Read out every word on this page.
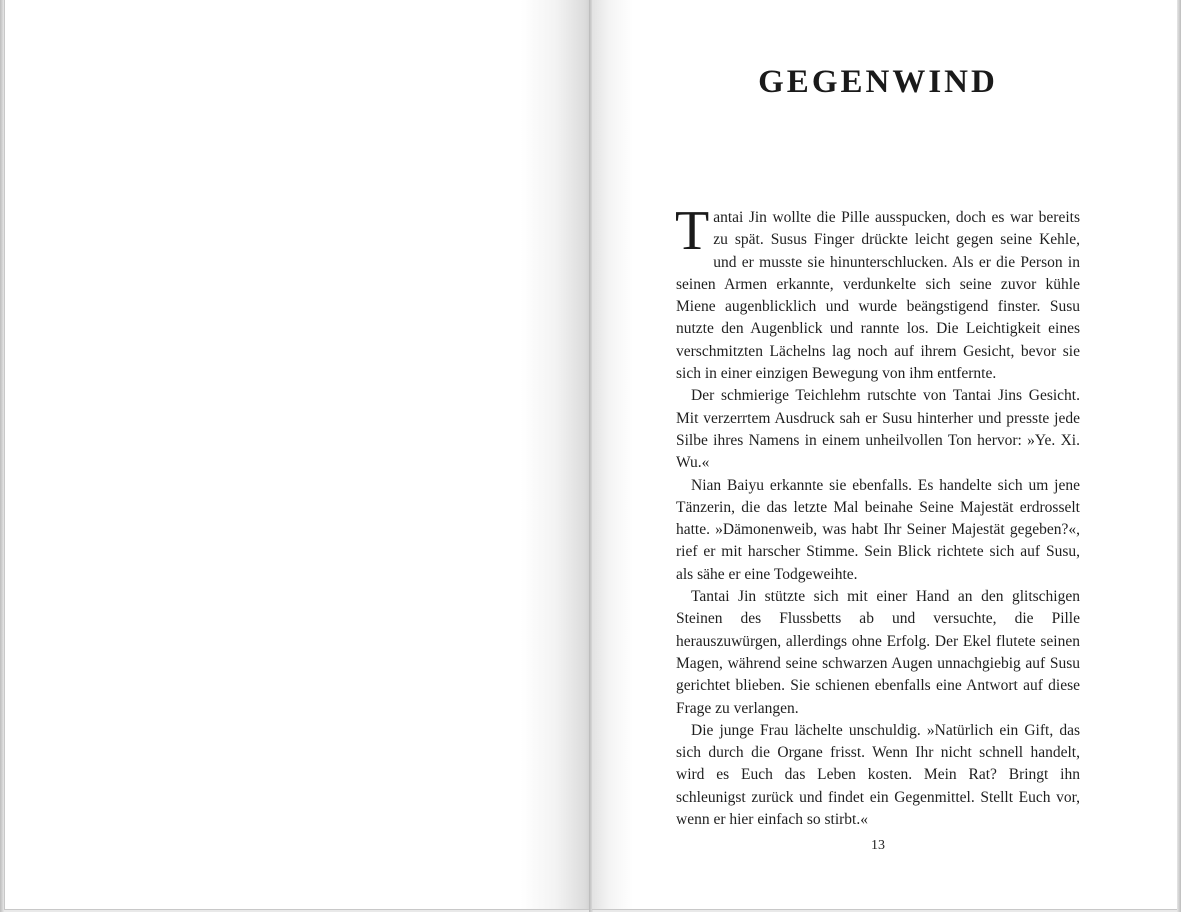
GEGENWIND

Tantai Jin wollte die Pille ausspucken, doch es war bereits zu spät. Susus Finger drückte leicht gegen seine Kehle, und er musste sie hinunterschlucken. Als er die Person in seinen Armen erkannte, verdunkelte sich seine zuvor kühle Miene augenblicklich und wurde beängstigend finster. Susu nutzte den Augenblick und rannte los. Die Leichtigkeit eines verschmitzten Lächelns lag noch auf ihrem Gesicht, bevor sie sich in einer einzigen Bewegung von ihm entfernte.

Der schmierige Teichlehm rutschte von Tantai Jins Gesicht. Mit verzerrtem Ausdruck sah er Susu hinterher und presste jede Silbe ihres Namens in einem unheilvollen Ton hervor: »Ye. Xi. Wu.«

Nian Baiyu erkannte sie ebenfalls. Es handelte sich um jene Tänzerin, die das letzte Mal beinahe Seine Majestät erdrosselt hatte. »Dämonenweib, was habt Ihr Seiner Majestät gegeben?«, rief er mit harscher Stimme. Sein Blick richtete sich auf Susu, als sähe er eine Todgeweihte.

Tantai Jin stützte sich mit einer Hand an den glitschigen Steinen des Flussbetts ab und versuchte, die Pille herauszuwürgen, allerdings ohne Erfolg. Der Ekel flutete seinen Magen, während seine schwarzen Augen unnachgiebig auf Susu gerichtet blieben. Sie schienen ebenfalls eine Antwort auf diese Frage zu verlangen.

Die junge Frau lächelte unschuldig. »Natürlich ein Gift, das sich durch die Organe frisst. Wenn Ihr nicht schnell handelt, wird es Euch das Leben kosten. Mein Rat? Bringt ihn schleunigst zurück und findet ein Gegenmittel. Stellt Euch vor, wenn er hier einfach so stirbt.«

13
